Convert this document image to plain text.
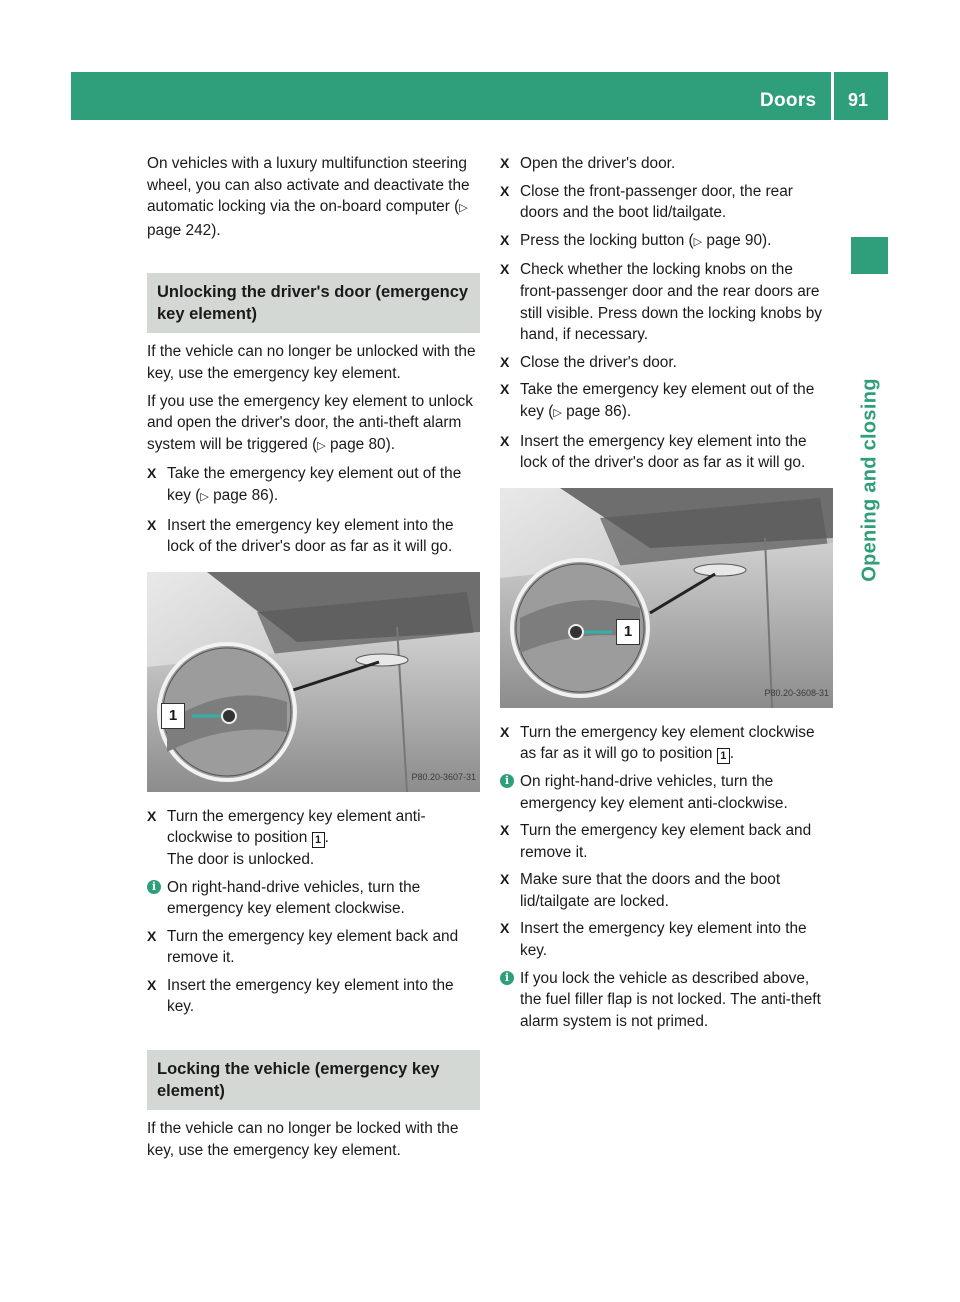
Doors 91
Opening and closing

On vehicles with a luxury multifunction steering wheel, you can also activate and deactivate the automatic locking via the on-board computer (▷ page 242).

Unlocking the driver's door (emergency key element)

If the vehicle can no longer be unlocked with the key, use the emergency key element.

If you use the emergency key element to unlock and open the driver's door, the anti-theft alarm system will be triggered (▷ page 80).

X Take the emergency key element out of the key (▷ page 86).
X Insert the emergency key element into the lock of the driver's door as far as it will go.
1
P80.20-3607-31
X Turn the emergency key element anti-clockwise to position 1 .
The door is unlocked.
i On right-hand-drive vehicles, turn the emergency key element clockwise.
X Turn the emergency key element back and remove it.
X Insert the emergency key element into the key.
Locking the vehicle (emergency key element)

If the vehicle can no longer be locked with the key, use the emergency key element.

X Open the driver's door.
X Close the front-passenger door, the rear doors and the boot lid/tailgate.
X Press the locking button (▷ page 90).
X Check whether the locking knobs on the front-passenger door and the rear doors are still visible. Press down the locking knobs by hand, if necessary.
X Close the driver's door.
X Take the emergency key element out of the key (▷ page 86).
X Insert the emergency key element into the lock of the driver's door as far as it will go.
1
P80.20-3608-31
X Turn the emergency key element clockwise as far as it will go to position 1 .
i On right-hand-drive vehicles, turn the emergency key element anti-clockwise.
X Turn the emergency key element back and remove it.
X Make sure that the doors and the boot lid/tailgate are locked.
X Insert the emergency key element into the key.
i If you lock the vehicle as described above, the fuel filler flap is not locked. The anti-theft alarm system is not primed.
